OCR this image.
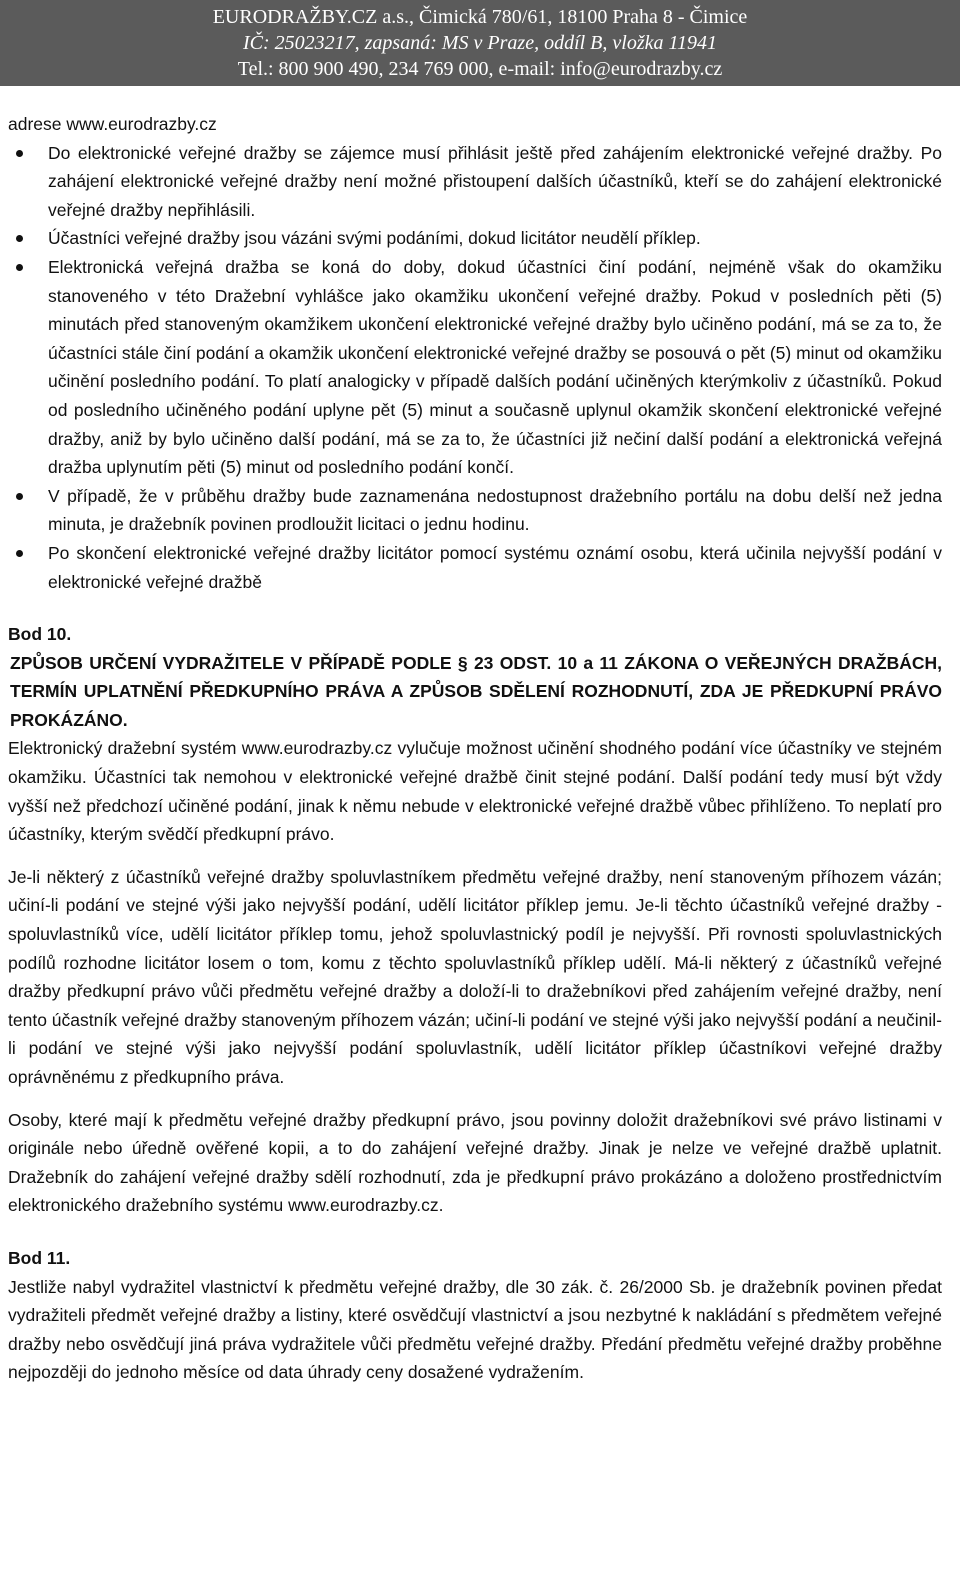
EURODRAŽBY.CZ a.s., Čimická 780/61, 18100 Praha 8 - Čimice
IČ: 25023217, zapsaná: MS v Praze, oddíl B, vložka 11941
Tel.: 800 900 490, 234 769 000, e-mail: info@eurodrazby.cz

adrese www.eurodrazby.cz

Do elektronické veřejné dražby se zájemce musí přihlásit ještě před zahájením elektronické veřejné dražby. Po zahájení elektronické veřejné dražby není možné přistoupení dalších účastníků, kteří se do zahájení elektronické veřejné dražby nepřihlásili.
Účastníci veřejné dražby jsou vázáni svými podáními, dokud licitátor neudělí příklep.
Elektronická veřejná dražba se koná do doby, dokud účastníci činí podání, nejméně však do okamžiku stanoveného v této Dražební vyhlášce jako okamžiku ukončení veřejné dražby. Pokud v posledních pěti (5) minutách před stanoveným okamžikem ukončení elektronické veřejné dražby bylo učiněno podání, má se za to, že účastníci stále činí podání a okamžik ukončení elektronické veřejné dražby se posouvá o pět (5) minut od okamžiku učinění posledního podání. To platí analogicky v případě dalších podání učiněných kterýmkoliv z účastníků. Pokud od posledního učiněného podání uplyne pět (5) minut a současně uplynul okamžik skončení elektronické veřejné dražby, aniž by bylo učiněno další podání, má se za to, že účastníci již nečiní další podání a elektronická veřejná dražba uplynutím pěti (5) minut od posledního podání končí.
V případě, že v průběhu dražby bude zaznamenána nedostupnost dražebního portálu na dobu delší než jedna minuta, je dražebník povinen prodloužit licitaci o jednu hodinu.
Po skončení elektronické veřejné dražby licitátor pomocí systému oznámí osobu, která učinila nejvyšší podání v elektronické veřejné dražbě

Bod 10.

ZPŮSOB URČENÍ VYDRAŽITELE V PŘÍPADĚ PODLE § 23 ODST. 10 a 11 ZÁKONA O VEŘEJNÝCH DRAŽBÁCH, TERMÍN UPLATNĚNÍ PŘEDKUPNÍHO PRÁVA A ZPŮSOB SDĚLENÍ ROZHODNUTÍ, ZDA JE PŘEDKUPNÍ PRÁVO PROKÁZÁNO.

Elektronický dražební systém www.eurodrazby.cz vylučuje možnost učinění shodného podání více účastníky ve stejném okamžiku. Účastníci tak nemohou v elektronické veřejné dražbě činit stejné podání. Další podání tedy musí být vždy vyšší než předchozí učiněné podání, jinak k němu nebude v elektronické veřejné dražbě vůbec přihlíženo. To neplatí pro účastníky, kterým svědčí předkupní právo.

Je-li některý z účastníků veřejné dražby spoluvlastníkem předmětu veřejné dražby, není stanoveným příhozem vázán; učiní-li podání ve stejné výši jako nejvyšší podání, udělí licitátor příklep jemu. Je-li těchto účastníků veřejné dražby - spoluvlastníků více, udělí licitátor příklep tomu, jehož spoluvlastnický podíl je nejvyšší. Při rovnosti spoluvlastnických podílů rozhodne licitátor losem o tom, komu z těchto spoluvlastníků příklep udělí. Má-li některý z účastníků veřejné dražby předkupní právo vůči předmětu veřejné dražby a doloží-li to dražebníkovi před zahájením veřejné dražby, není tento účastník veřejné dražby stanoveným příhozem vázán; učiní-li podání ve stejné výši jako nejvyšší podání a neučinil-li podání ve stejné výši jako nejvyšší podání spoluvlastník, udělí licitátor příklep účastníkovi veřejné dražby oprávněnému z předkupního práva.

Osoby, které mají k předmětu veřejné dražby předkupní právo, jsou povinny doložit dražebníkovi své právo listinami v originále nebo úředně ověřené kopii, a to do zahájení veřejné dražby. Jinak je nelze ve veřejné dražbě uplatnit. Dražebník do zahájení veřejné dražby sdělí rozhodnutí, zda je předkupní právo prokázáno a doloženo prostřednictvím elektronického dražebního systému www.eurodrazby.cz.

Bod 11.

Jestliže nabyl vydražitel vlastnictví k předmětu veřejné dražby, dle 30 zák. č. 26/2000 Sb. je dražebník povinen předat vydražiteli předmět veřejné dražby a listiny, které osvědčují vlastnictví a jsou nezbytné k nakládání s předmětem veřejné dražby nebo osvědčují jiná práva vydražitele vůči předmětu veřejné dražby. Předání předmětu veřejné dražby proběhne nejpozději do jednoho měsíce od data úhrady ceny dosažené vydražením.
